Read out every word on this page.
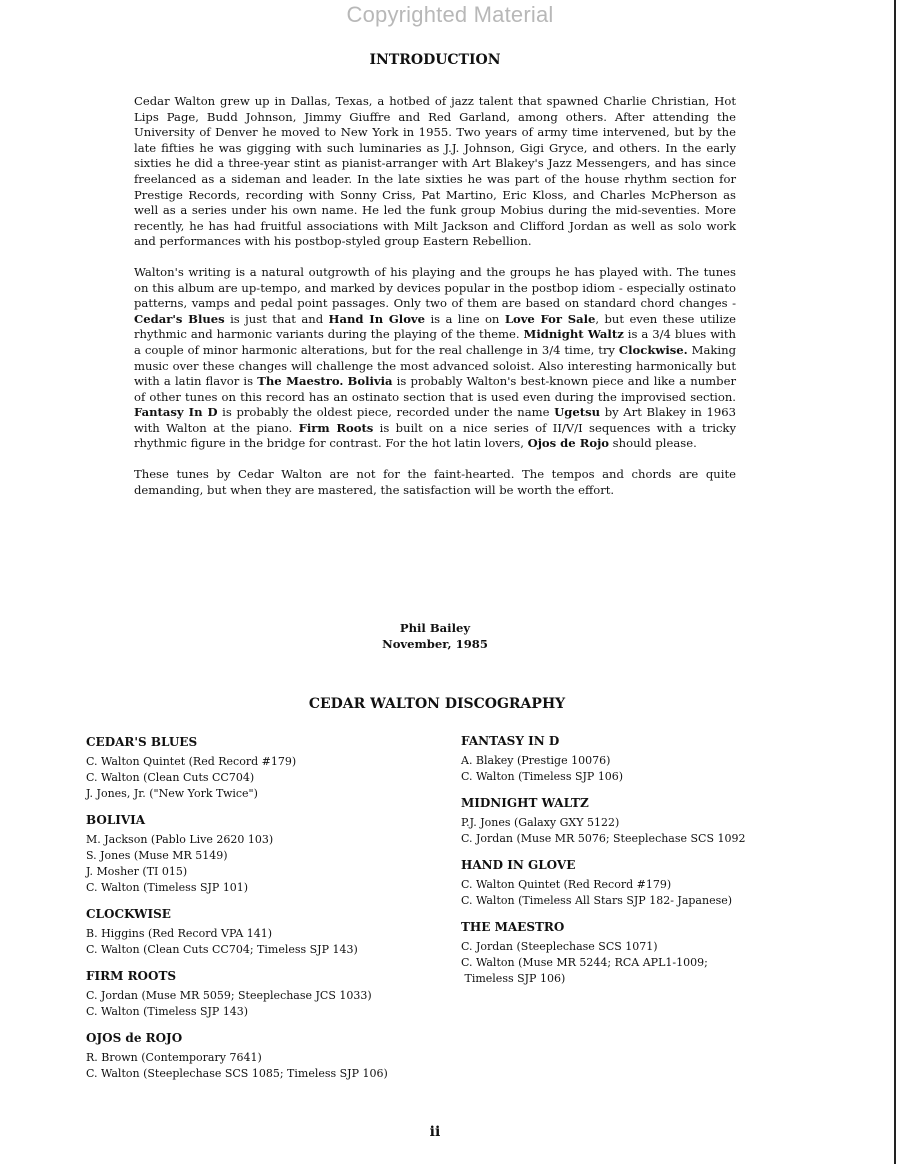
Copyrighted Material
INTRODUCTION

Cedar Walton grew up in Dallas, Texas, a hotbed of jazz talent that spawned Charlie Christian, Hot Lips Page, Budd Johnson, Jimmy Giuffre and Red Garland, among others. After attending the University of Denver he moved to New York in 1955. Two years of army time intervened, but by the late fifties he was gigging with such luminaries as J.J. Johnson, Gigi Gryce, and others. In the early sixties he did a three-year stint as pianist-arranger with Art Blakey's Jazz Messengers, and has since freelanced as a sideman and leader. In the late sixties he was part of the house rhythm section for Prestige Records, recording with Sonny Criss, Pat Martino, Eric Kloss, and Charles McPherson as well as a series under his own name. He led the funk group Mobius during the mid-seventies. More recently, he has had fruitful associations with Milt Jackson and Clifford Jordan as well as solo work and performances with his postbop-styled group Eastern Rebellion.

Walton's writing is a natural outgrowth of his playing and the groups he has played with. The tunes on this album are up-tempo, and marked by devices popular in the postbop idiom - especially ostinato patterns, vamps and pedal point passages. Only two of them are based on standard chord changes - Cedar's Blues is just that and Hand In Glove is a line on Love For Sale, but even these utilize rhythmic and harmonic variants during the playing of the theme. Midnight Waltz is a 3/4 blues with a couple of minor harmonic alterations, but for the real challenge in 3/4 time, try Clockwise. Making music over these changes will challenge the most advanced soloist. Also interesting harmonically but with a latin flavor is The Maestro. Bolivia is probably Walton's best-known piece and like a number of other tunes on this record has an ostinato section that is used even during the improvised section. Fantasy In D is probably the oldest piece, recorded under the name Ugetsu by Art Blakey in 1963 with Walton at the piano. Firm Roots is built on a nice series of II/V/I sequences with a tricky rhythmic figure in the bridge for contrast. For the hot latin lovers, Ojos de Rojo should please.

These tunes by Cedar Walton are not for the faint-hearted. The tempos and chords are quite demanding, but when they are mastered, the satisfaction will be worth the effort.

Phil Bailey
November, 1985
CEDAR WALTON DISCOGRAPHY
CEDAR'S BLUES
C. Walton Quintet (Red Record #179)
C. Walton (Clean Cuts CC704)
J. Jones, Jr. ("New York Twice")
BOLIVIA
M. Jackson (Pablo Live 2620 103)
S. Jones (Muse MR 5149)
J. Mosher (TI 015)
C. Walton (Timeless SJP 101)
CLOCKWISE
B. Higgins (Red Record VPA 141)
C. Walton (Clean Cuts CC704; Timeless SJP 143)
FIRM ROOTS
C. Jordan (Muse MR 5059; Steeplechase JCS 1033)
C. Walton (Timeless SJP 143)
OJOS de ROJO
R. Brown (Contemporary 7641)
C. Walton (Steeplechase SCS 1085; Timeless SJP 106)
FANTASY IN D
A. Blakey (Prestige 10076)
C. Walton (Timeless SJP 106)
MIDNIGHT WALTZ
P.J. Jones (Galaxy GXY 5122)
C. Jordan (Muse MR 5076; Steeplechase SCS 1092
HAND IN GLOVE
C. Walton Quintet (Red Record #179)
C. Walton (Timeless All Stars SJP 182- Japanese)
THE MAESTRO
C. Jordan (Steeplechase SCS 1071)
C. Walton (Muse MR 5244; RCA APL1-1009;
Timeless SJP 106)
ii
